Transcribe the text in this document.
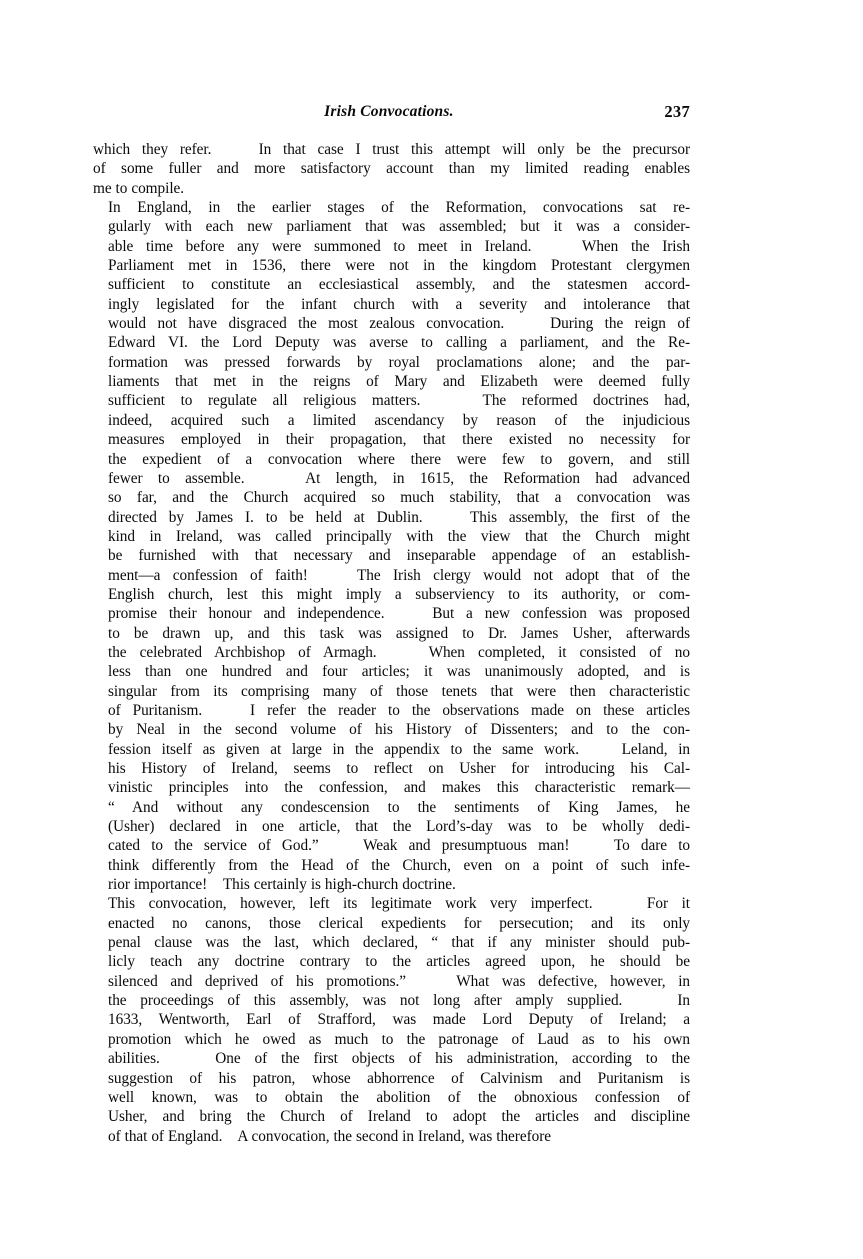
Irish Convocations.	237

which they refer.    In that case I trust this attempt will only be the precursor
of some fuller and more satisfactory account than my limited reading enables
me to compile.

In England, in the earlier stages of the Reformation, convocations sat re-
gularly with each new parliament that was assembled; but it was a consider-
able time before any were summoned to meet in Ireland.    When the Irish
Parliament met in 1536, there were not in the kingdom Protestant clergymen
sufficient to constitute an ecclesiastical assembly, and the statesmen accord-
ingly legislated for the infant church with a severity and intolerance that
would not have disgraced the most zealous convocation.    During the reign of
Edward VI. the Lord Deputy was averse to calling a parliament, and the Re-
formation was pressed forwards by royal proclamations alone; and the par-
liaments that met in the reigns of Mary and Elizabeth were deemed fully
sufficient to regulate all religious matters.    The reformed doctrines had,
indeed, acquired such a limited ascendancy by reason of the injudicious
measures employed in their propagation, that there existed no necessity for
the expedient of a convocation where there were few to govern, and still
fewer to assemble.    At length, in 1615, the Reformation had advanced
so far, and the Church acquired so much stability, that a convocation was
directed by James I. to be held at Dublin.    This assembly, the first of the
kind in Ireland, was called principally with the view that the Church might
be furnished with that necessary and inseparable appendage of an establish-
ment—a confession of faith!    The Irish clergy would not adopt that of the
English church, lest this might imply a subserviency to its authority, or com-
promise their honour and independence.    But a new confession was proposed
to be drawn up, and this task was assigned to Dr. James Usher, afterwards
the celebrated Archbishop of Armagh.    When completed, it consisted of no
less than one hundred and four articles; it was unanimously adopted, and is
singular from its comprising many of those tenets that were then characteristic
of Puritanism.    I refer the reader to the observations made on these articles
by Neal in the second volume of his History of Dissenters; and to the con-
fession itself as given at large in the appendix to the same work.    Leland, in
his History of Ireland, seems to reflect on Usher for introducing his Cal-
vinistic principles into the confession, and makes this characteristic remark—
“ And without any condescension to the sentiments of King James, he
(Usher) declared in one article, that the Lord’s-day was to be wholly dedi-
cated to the service of God.”    Weak and presumptuous man!    To dare to
think differently from the Head of the Church, even on a point of such infe-
rior importance!    This certainly is high-church doctrine.

This convocation, however, left its legitimate work very imperfect.    For it
enacted no canons, those clerical expedients for persecution; and its only
penal clause was the last, which declared, “ that if any minister should pub-
licly teach any doctrine contrary to the articles agreed upon, he should be
silenced and deprived of his promotions.”    What was defective, however, in
the proceedings of this assembly, was not long after amply supplied.    In
1633, Wentworth, Earl of Strafford, was made Lord Deputy of Ireland; a
promotion which he owed as much to the patronage of Laud as to his own
abilities.    One of the first objects of his administration, according to the
suggestion of his patron, whose abhorrence of Calvinism and Puritanism is
well known, was to obtain the abolition of the obnoxious confession of
Usher, and bring the Church of Ireland to adopt the articles and discipline
of that of England.    A convocation, the second in Ireland, was therefore
